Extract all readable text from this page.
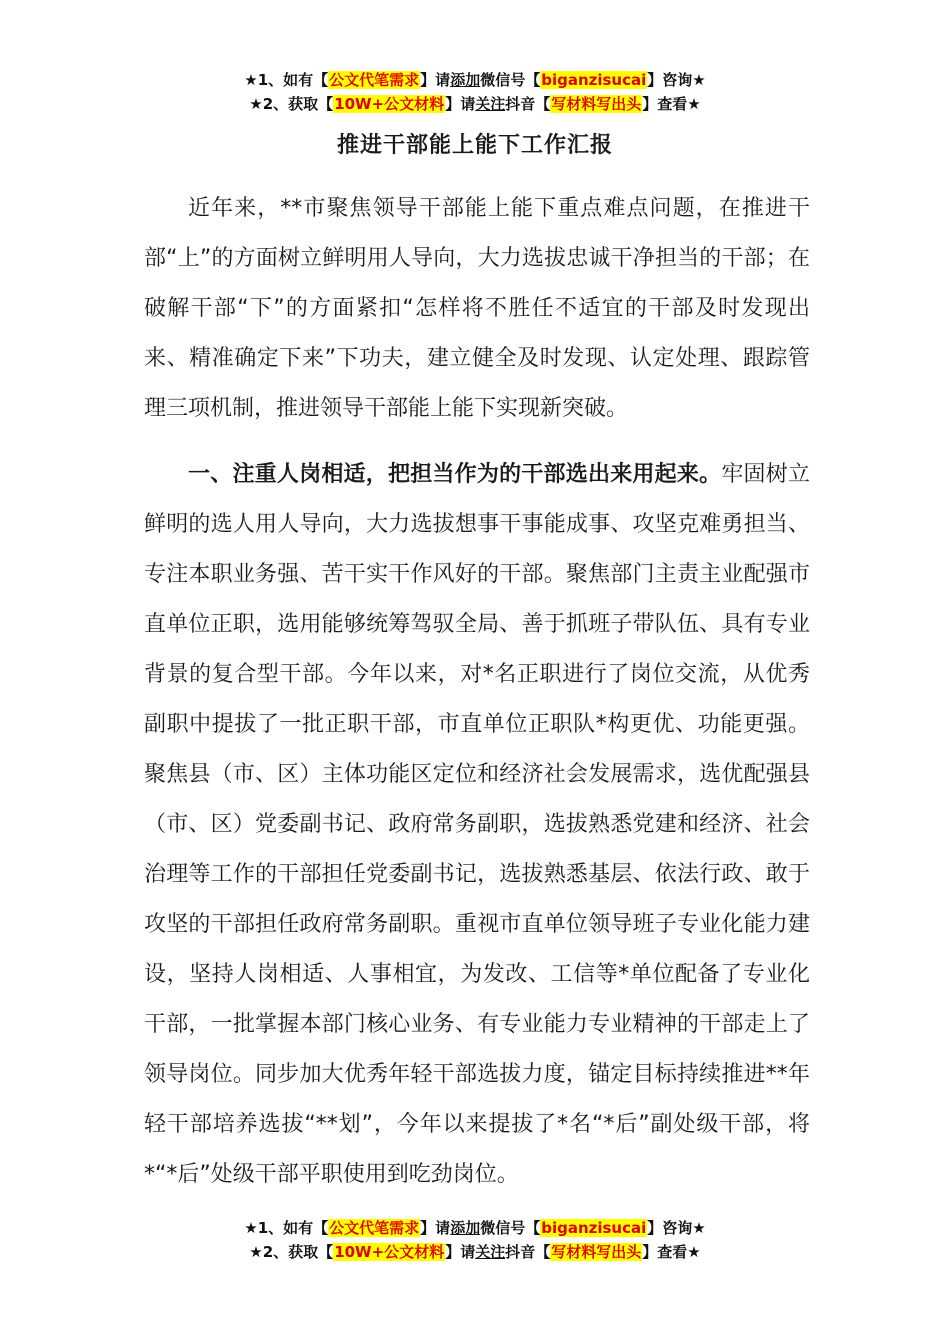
★1、如有【公文代笔需求】请添加微信号【biganzisucai】咨询★
★2、获取【10W+公文材料】请关注抖音【写材料写出头】查看★
推进干部能上能下工作汇报

近年来，**市聚焦领导干部能上能下重点难点问题，在推进干部“上”的方面树立鲜明用人导向，大力选拔忠诚干净担当的干部；在破解干部“下”的方面紧扣“怎样将不胜任不适宜的干部及时发现出来、精准确定下来”下功夫，建立健全及时发现、认定处理、跟踪管理三项机制，推进领导干部能上能下实现新突破。

一、注重人岗相适，把担当作为的干部选出来用起来。牢固树立鲜明的选人用人导向，大力选拔想事干事能成事、攻坚克难勇担当、专注本职业务强、苦干实干作风好的干部。聚焦部门主责主业配强市直单位正职，选用能够统筹驾驭全局、善于抓班子带队伍、具有专业背景的复合型干部。今年以来，对*名正职进行了岗位交流，从优秀副职中提拔了一批正职干部，市直单位正职队*构更优、功能更强。聚焦县（市、区）主体功能区定位和经济社会发展需求，选优配强县（市、区）党委副书记、政府常务副职，选拔熟悉党建和经济、社会治理等工作的干部担任党委副书记，选拔熟悉基层、依法行政、敢于攻坚的干部担任政府常务副职。重视市直单位领导班子专业化能力建设，坚持人岗相适、人事相宜，为发改、工信等*单位配备了专业化干部，一批掌握本部门核心业务、有专业能力专业精神的干部走上了领导岗位。同步加大优秀年轻干部选拔力度，锚定目标持续推进**年轻干部培养选拔“**划”，今年以来提拔了*名“*后”副处级干部，将*“*后”处级干部平职使用到吃劲岗位。

★1、如有【公文代笔需求】请添加微信号【biganzisucai】咨询★
★2、获取【10W+公文材料】请关注抖音【写材料写出头】查看★
